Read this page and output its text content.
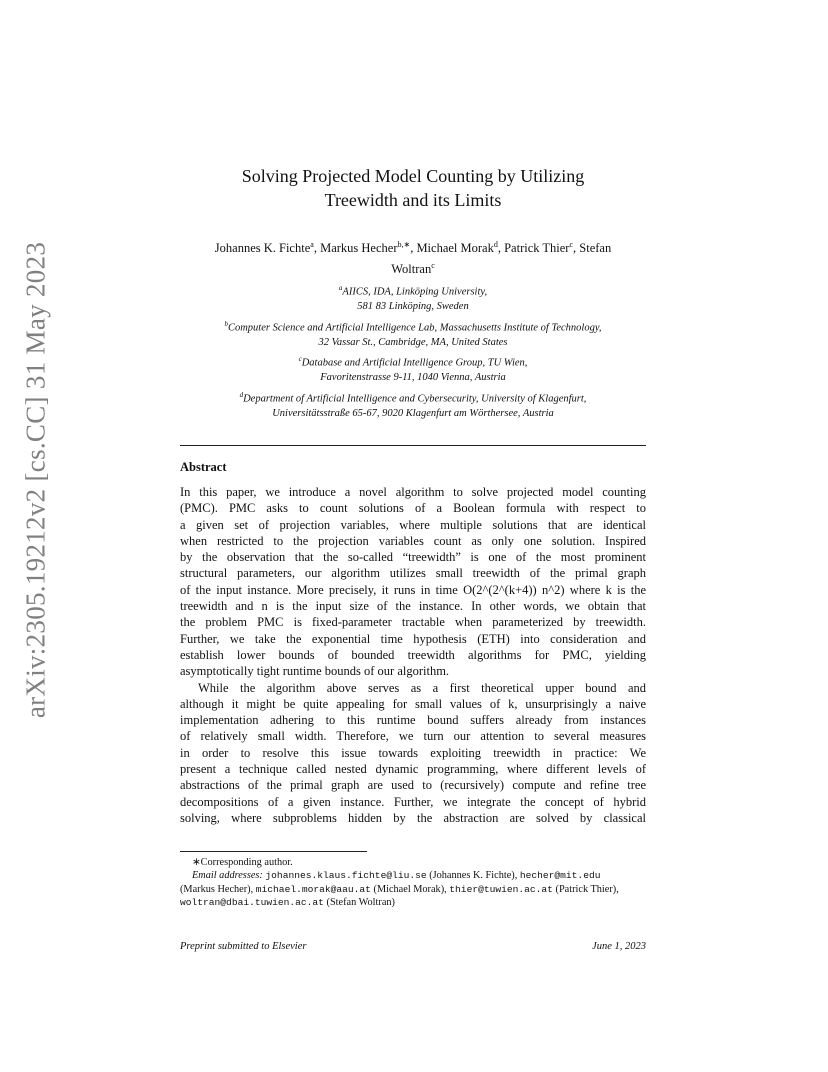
arXiv:2305.19212v2 [cs.CC] 31 May 2023
Solving Projected Model Counting by Utilizing
Treewidth and its Limits
Johannes K. Fichte$^a$, Markus Hecher$^{b,∗}$, Michael Morak$^d$, Patrick Thier$^c$, Stefan
Woltran$^c$
$^a$AIICS, IDA, Linköping University,
581 83 Linköping, Sweden
$^b$Computer Science and Artificial Intelligence Lab, Massachusetts Institute of Technology,
32 Vassar St., Cambridge, MA, United States
$^c$Database and Artificial Intelligence Group, TU Wien,
Favoritenstrasse 9-11, 1040 Vienna, Austria
$^d$Department of Artificial Intelligence and Cybersecurity, University of Klagenfurt,
Universitätsstraße 65-67, 9020 Klagenfurt am Wörthersee, Austria
Abstract
In this paper, we introduce a novel algorithm to solve projected model counting
(PMC). PMC asks to count solutions of a Boolean formula with respect to
a given set of projection variables, where multiple solutions that are identical
when restricted to the projection variables count as only one solution. Inspired
by the observation that the so-called “treewidth” is one of the most prominent
structural parameters, our algorithm utilizes small treewidth of the primal graph
of the input instance. More precisely, it runs in time O(2^(2^(k+4)) n^2) where k is the
treewidth and n is the input size of the instance. In other words, we obtain that
the problem PMC is fixed-parameter tractable when parameterized by treewidth.
Further, we take the exponential time hypothesis (ETH) into consideration and
establish lower bounds of bounded treewidth algorithms for PMC, yielding
asymptotically tight runtime bounds of our algorithm.
While the algorithm above serves as a first theoretical upper bound and
although it might be quite appealing for small values of k, unsurprisingly a naive
implementation adhering to this runtime bound suffers already from instances
of relatively small width. Therefore, we turn our attention to several measures
in order to resolve this issue towards exploiting treewidth in practice: We
present a technique called nested dynamic programming, where different levels of
abstractions of the primal graph are used to (recursively) compute and refine tree
decompositions of a given instance. Further, we integrate the concept of hybrid
solving, where subproblems hidden by the abstraction are solved by classical
∗Corresponding author.
Email addresses: johannes.klaus.fichte@liu.se (Johannes K. Fichte), hecher@mit.edu
(Markus Hecher), michael.morak@aau.at (Michael Morak), thier@tuwien.ac.at (Patrick Thier),
woltran@dbai.tuwien.ac.at (Stefan Woltran)
Preprint submitted to Elsevier	June 1, 2023
